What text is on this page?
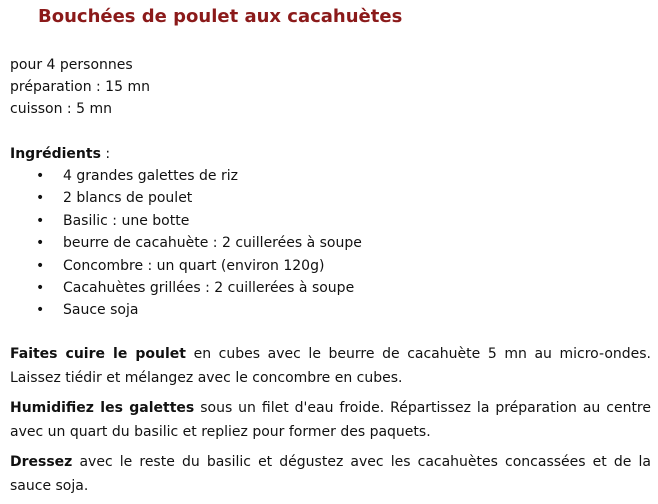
Bouchées de poulet aux cacahuètes
pour 4 personnes
préparation : 15 mn
cuisson : 5 mn
Ingrédients :
• 4 grandes galettes de riz
• 2 blancs de poulet
• Basilic : une botte
• beurre de cacahuète : 2 cuillerées à soupe
• Concombre : un quart (environ 120g)
• Cacahuètes grillées : 2 cuillerées à soupe
• Sauce soja

Faites cuire le poulet en cubes avec le beurre de cacahuète 5 mn au micro-ondes. Laissez tiédir et mélangez avec le concombre en cubes.

Humidifiez les galettes sous un filet d'eau froide. Répartissez la préparation au centre avec un quart du basilic et repliez pour former des paquets.

Dressez avec le reste du basilic et dégustez avec les cacahuètes concassées et de la sauce soja.
